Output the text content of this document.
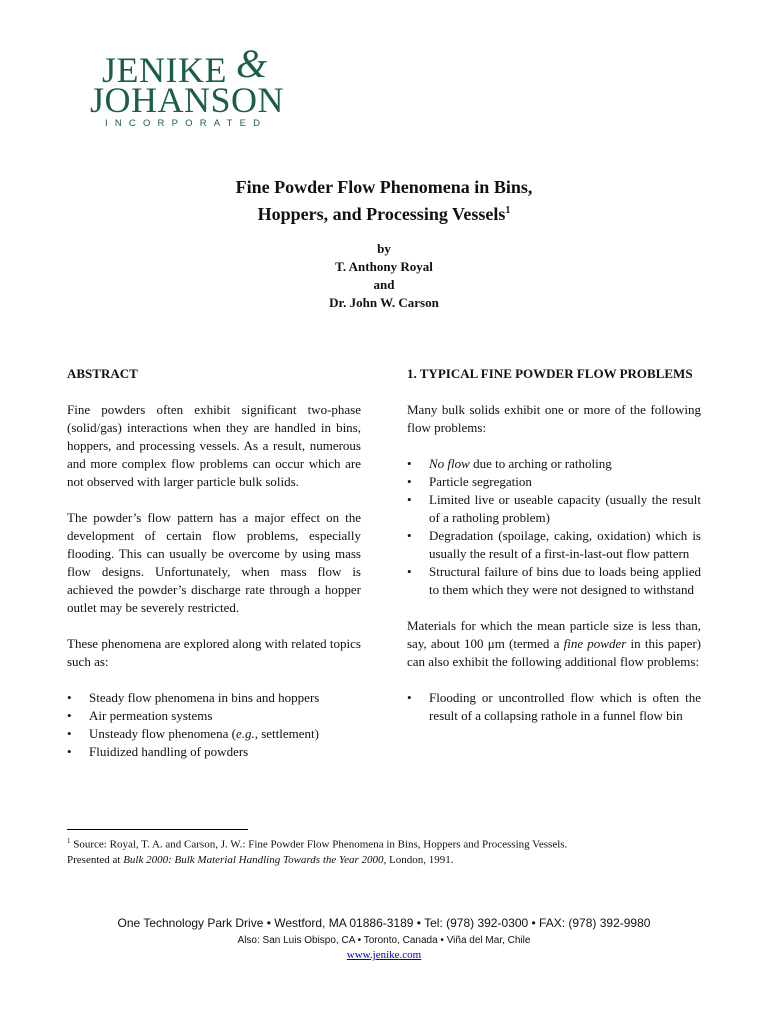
JENIKE &
JOHANSON
INCORPORATED
Fine Powder Flow Phenomena in Bins,
Hoppers, and Processing Vessels$^1$
by
T. Anthony Royal
and
Dr. John W. Carson
ABSTRACT

Fine powders often exhibit significant two-phase (solid/gas) interactions when they are handled in bins, hoppers, and processing vessels. As a result, numerous and more complex flow problems can occur which are not observed with larger particle bulk solids.

The powder’s flow pattern has a major effect on the development of certain flow problems, especially flooding. This can usually be overcome by using mass flow designs. Unfortunately, when mass flow is achieved the powder’s discharge rate through a hopper outlet may be severely restricted.

These phenomena are explored along with related topics such as:

• Steady flow phenomena in bins and hoppers
• Air permeation systems
• Unsteady flow phenomena (e.g., settlement)
• Fluidized handling of powders
1. TYPICAL FINE POWDER FLOW PROBLEMS

Many bulk solids exhibit one or more of the following flow problems:

• No flow due to arching or ratholing
• Particle segregation
• Limited live or useable capacity (usually the result of a ratholing problem)
• Degradation (spoilage, caking, oxidation) which is usually the result of a first-in-last-out flow pattern
• Structural failure of bins due to loads being applied to them which they were not designed to withstand

Materials for which the mean particle size is less than, say, about 100 μm (termed a fine powder in this paper) can also exhibit the following additional flow problems:

• Flooding or uncontrolled flow which is often the result of a collapsing rathole in a funnel flow bin
$^1$ Source: Royal, T. A. and Carson, J. W.: Fine Powder Flow Phenomena in Bins, Hoppers and Processing Vessels.
Presented at Bulk 2000: Bulk Material Handling Towards the Year 2000, London, 1991.
One Technology Park Drive • Westford, MA 01886-3189 • Tel: (978) 392-0300 • FAX: (978) 392-9980
Also: San Luis Obispo, CA • Toronto, Canada • Viña del Mar, Chile
www.jenike.com
